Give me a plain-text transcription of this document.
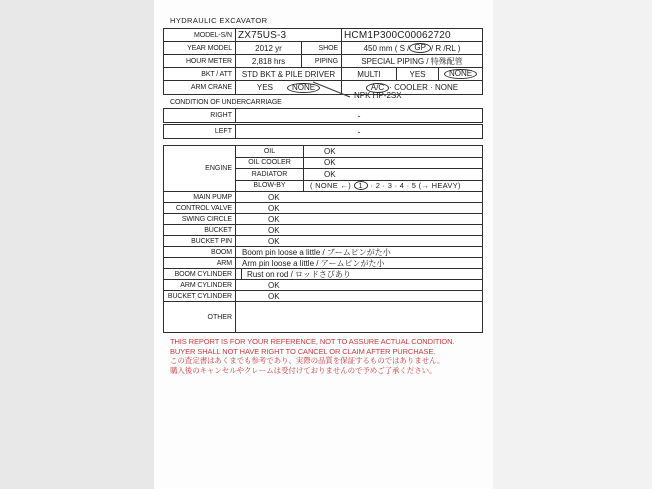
HYDRAULIC EXCAVATOR
MODEL-S/N ZX75US-3	HCM1P300C00062720
YEAR MODEL	2012 yr	SHOE	450 mm ( S / GP / R /RL )
HOUR METER	2,818 hrs	PIPING	SPECIAL PIPING / 特殊配管
BKT / ATT	STD BKT & PILE DRIVER	MULTI	YES	NONE
ARM CRANE	YES	NONE	A/C · COOLER · NONE
NPK HP-2SX
CONDITION OF UNDERCARRIAGE
RIGHT	-
LEFT	-
ENGINE
OIL	OK
OIL COOLER	OK
RADIATOR	OK
BLOW-BY	( NONE ←)	1	· 2 · 3 · 4 · 5 (→ HEAVY)
MAIN PUMP	OK
CONTROL VALVE	OK
SWING CIRCLE	OK
BUCKET	OK
BUCKET PIN	OK
BOOM	Boom pin loose a little / ブームピンがた小
ARM	Arm pin loose a little / アームピンがた小
BOOM CYLINDER	Rust on rod / ロッドさびあり
ARM CYLINDER	OK
BUCKET CYLINDER	OK
OTHER
THIS REPORT IS FOR YOUR REFERENCE, NOT TO ASSURE ACTUAL CONDITION.
BUYER SHALL NOT HAVE RIGHT TO CANCEL OR CLAIM AFTER PURCHASE.
この査定書はあくまでも参考であり、実際の品質を保証するものではありません。
購入後のキャンセルやクレームは受付けておりませんので予めご了承ください。
